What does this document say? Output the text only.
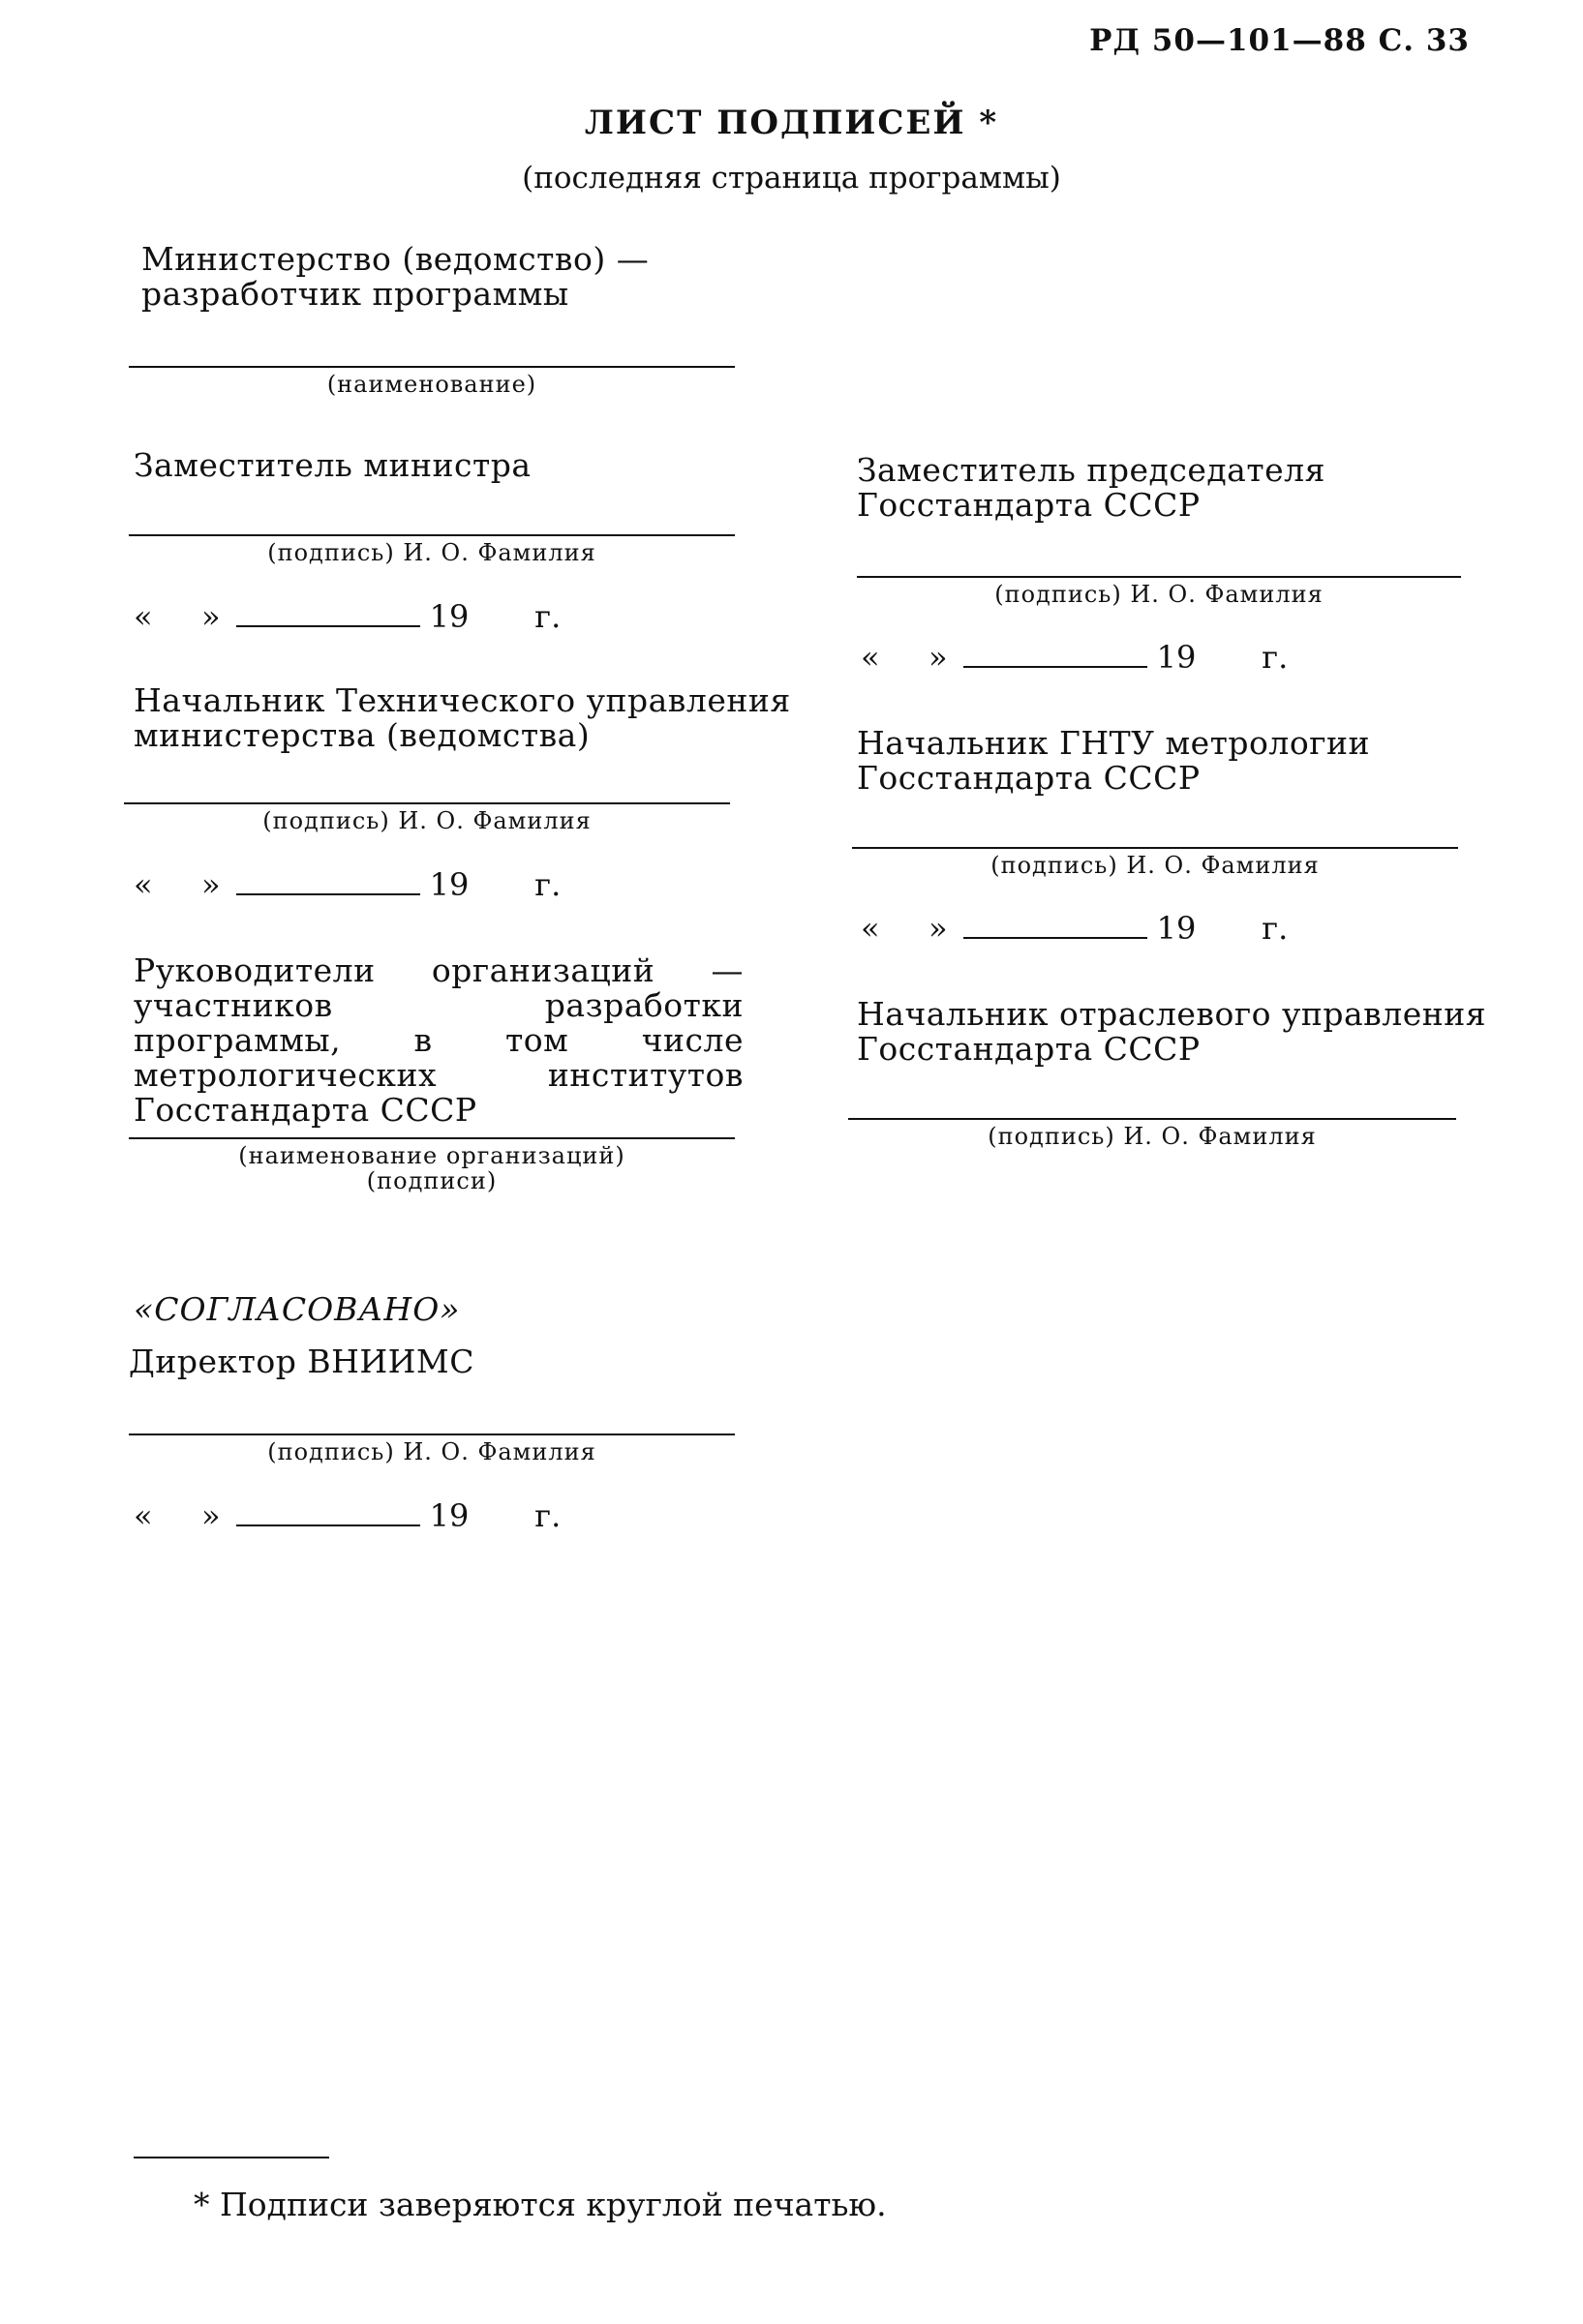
РД 50—101—88 С. 33
ЛИСТ ПОДПИСЕЙ *
(последняя страница программы)
Министерство (ведомство) —
разработчик программы
(наименование)
Заместитель министра
(подпись) И. О. Фамилия
«	»	19 г.
Начальник Технического управления
министерства (ведомства)
(подпись) И. О. Фамилия
«	»	19 г.
Руководители организаций — участников разработки программы, в том числе метрологических институтов Госстандарта СССР
(наименование организаций)
(подписи)
«СОГЛАСОВАНО»
Директор ВНИИМС
(подпись) И. О. Фамилия
«	»	19 г.
Заместитель председателя
Госстандарта СССР
(подпись) И. О. Фамилия
«	»	19 г.
Начальник ГНТУ метрологии
Госстандарта СССР
(подпись) И. О. Фамилия
«	»	19 г.
Начальник отраслевого управления
Госстандарта СССР
(подпись) И. О. Фамилия
* Подписи заверяются круглой печатью.
